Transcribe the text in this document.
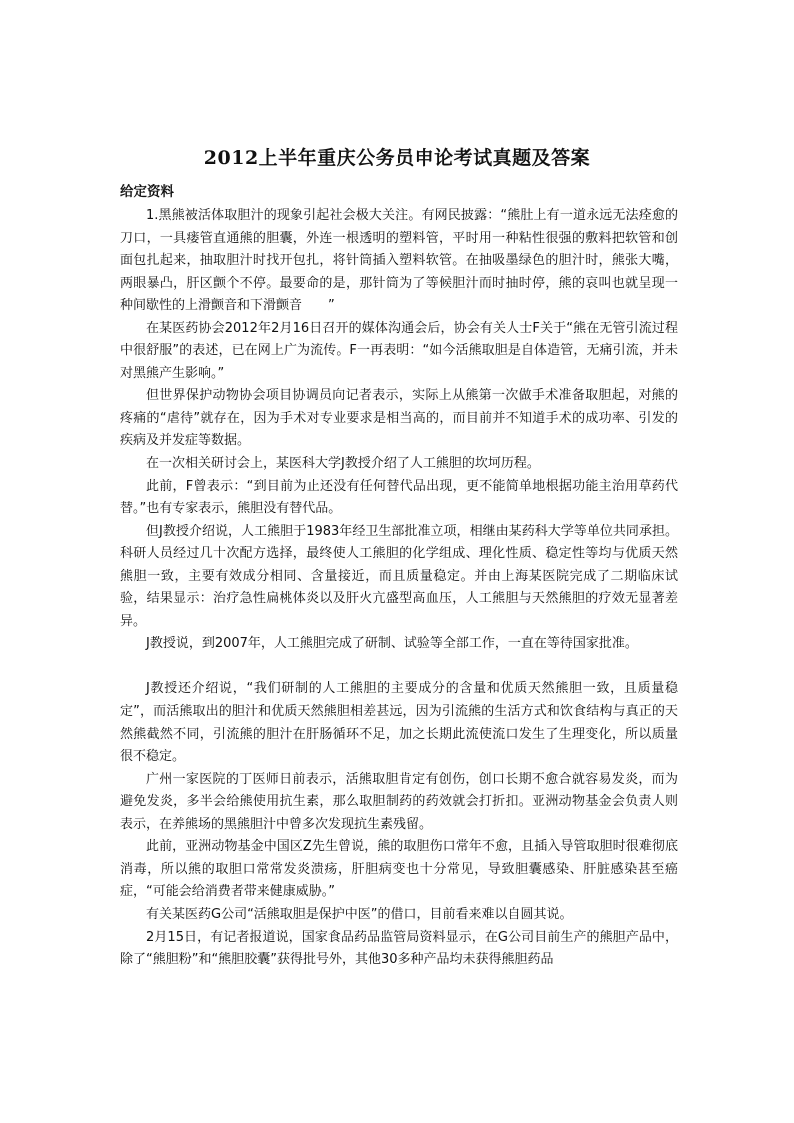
2012上半年重庆公务员申论考试真题及答案
给定资料

1.黑熊被活体取胆汁的现象引起社会极大关注。有网民披露：“熊肚上有一道永远无法痊愈的刀口，一具瘘管直通熊的胆囊，外连一根透明的塑料管，平时用一种粘性很强的敷料把软管和创面包扎起来，抽取胆汁时找开包扎，将针筒插入塑料软管。在抽吸墨绿色的胆汁时，熊张大嘴，两眼暴凸，肝区颤个不停。最要命的是，那针筒为了等候胆汁而时抽时停，熊的哀叫也就呈现一种间歇性的上滑颤音和下滑颤音　　”

在某医药协会2012年2月16日召开的媒体沟通会后，协会有关人士F关于“熊在无管引流过程中很舒服”的表述，已在网上广为流传。F一再表明：“如今活熊取胆是自体造管，无痛引流，并未对黑熊产生影响。”

但世界保护动物协会项目协调员向记者表示，实际上从熊第一次做手术准备取胆起，对熊的疼痛的“虐待”就存在，因为手术对专业要求是相当高的，而目前并不知道手术的成功率、引发的疾病及并发症等数据。

在一次相关研讨会上，某医科大学J教授介绍了人工熊胆的坎坷历程。

此前，F曾表示：“到目前为止还没有任何替代品出现，更不能简单地根据功能主治用草药代替。”也有专家表示，熊胆没有替代品。

但J教授介绍说，人工熊胆于1983年经卫生部批准立项，相继由某药科大学等单位共同承担。科研人员经过几十次配方选择，最终使人工熊胆的化学组成、理化性质、稳定性等均与优质天然熊胆一致，主要有效成分相同、含量接近，而且质量稳定。并由上海某医院完成了二期临床试验，结果显示：治疗急性扁桃体炎以及肝火亢盛型高血压，人工熊胆与天然熊胆的疗效无显著差异。

J教授说，到2007年，人工熊胆完成了研制、试验等全部工作，一直在等待国家批准。

J教授还介绍说，“我们研制的人工熊胆的主要成分的含量和优质天然熊胆一致，且质量稳定”，而活熊取出的胆汁和优质天然熊胆相差甚远，因为引流熊的生活方式和饮食结构与真正的天然熊截然不同，引流熊的胆汁在肝肠循环不足，加之长期此流使流口发生了生理变化，所以质量很不稳定。

广州一家医院的丁医师日前表示，活熊取胆肯定有创伤，创口长期不愈合就容易发炎，而为避免发炎，多半会给熊使用抗生素，那么取胆制药的药效就会打折扣。亚洲动物基金会负责人则表示，在养熊场的黑熊胆汁中曾多次发现抗生素残留。

此前，亚洲动物基金中国区Z先生曾说，熊的取胆伤口常年不愈，且插入导管取胆时很难彻底消毒，所以熊的取胆口常常发炎溃疡，肝胆病变也十分常见，导致胆囊感染、肝脏感染甚至癌症，“可能会给消费者带来健康威胁。”

有关某医药G公司“活熊取胆是保护中医”的借口，目前看来难以自圆其说。

2月15日，有记者报道说，国家食品药品监管局资料显示，在G公司目前生产的熊胆产品中，除了“熊胆粉”和“熊胆胶囊”获得批号外，其他30多种产品均未获得熊胆药品
